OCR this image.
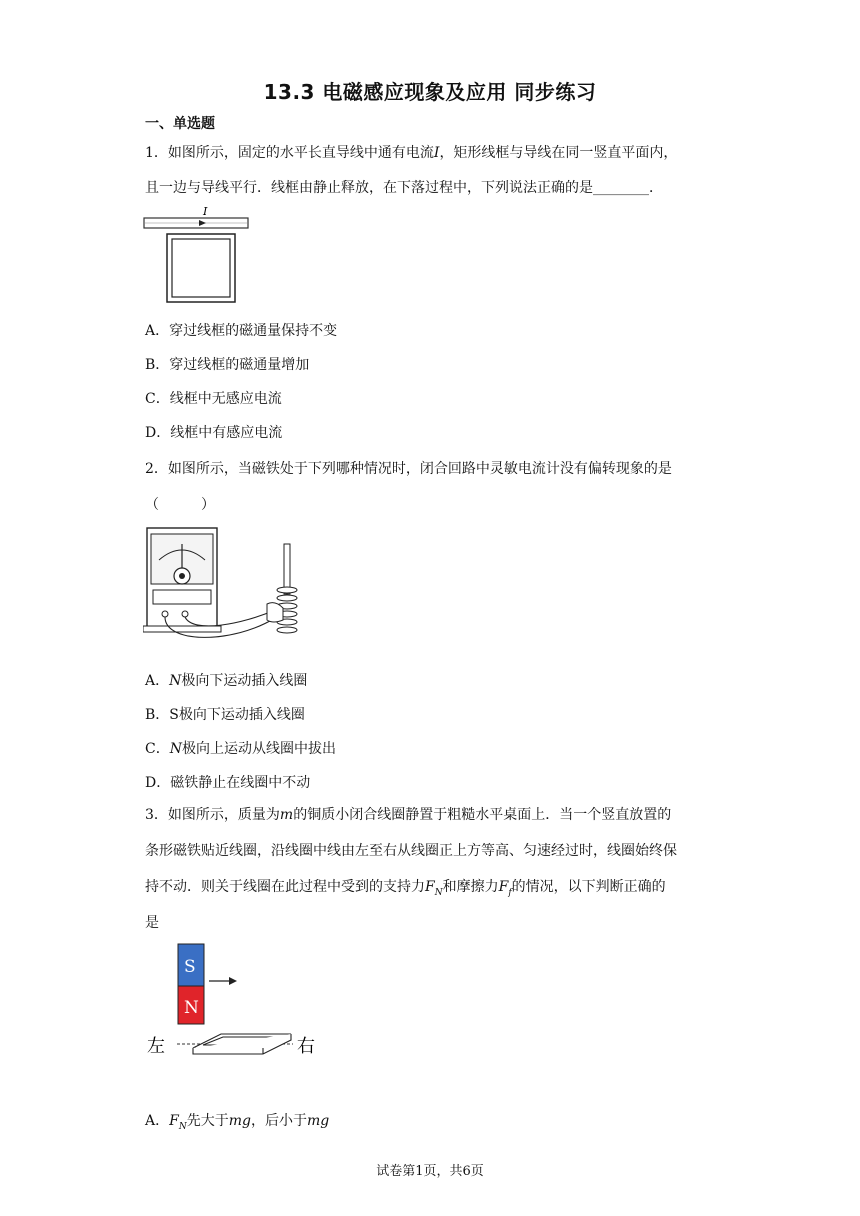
13.3 电磁感应现象及应用 同步练习
一、单选题
1．如图所示，固定的水平长直导线中通有电流I，矩形线框与导线在同一竖直平面内，
且一边与导线平行．线框由静止释放，在下落过程中，下列说法正确的是________．
I
A．穿过线框的磁通量保持不变
B．穿过线框的磁通量增加
C．线框中无感应电流
D．线框中有感应电流
2．如图所示，当磁铁处于下列哪种情况时，闭合回路中灵敏电流计没有偏转现象的是
（　　　）
A．N极向下运动插入线圈
B．S极向下运动插入线圈
C．N极向上运动从线圈中拔出
D．磁铁静止在线圈中不动
3．如图所示，质量为m的铜质小闭合线圈静置于粗糙水平桌面上．当一个竖直放置的
条形磁铁贴近线圈，沿线圈中线由左至右从线圈正上方等高、匀速经过时，线圈始终保
持不动．则关于线圈在此过程中受到的支持力$F_N$和摩擦力$F_f$的情况，以下判断正确的
是
S
N
左	右
A．$F_N$先大于mg，后小于mg
试卷第1页，共6页
